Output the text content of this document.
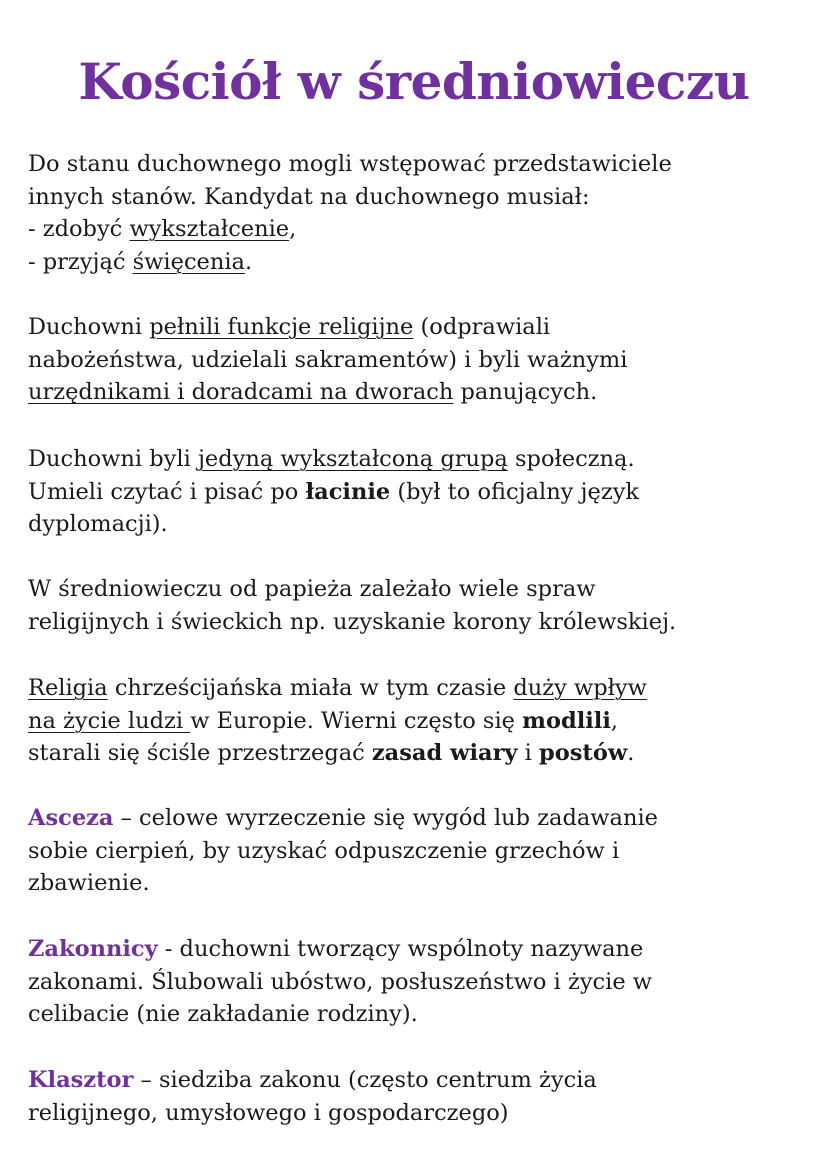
Kościół w średniowieczu

Do stanu duchownego mogli wstępować przedstawiciele
innych stanów. Kandydat na duchownego musiał:
- zdobyć wykształcenie,
- przyjąć święcenia.

Duchowni pełnili funkcje religijne (odprawiali
nabożeństwa, udzielali sakramentów) i byli ważnymi
urzędnikami i doradcami na dworach panujących.

Duchowni byli jedyną wykształconą grupą społeczną.
Umieli czytać i pisać po łacinie (był to oficjalny język
dyplomacji).

W średniowieczu od papieża zależało wiele spraw
religijnych i świeckich np. uzyskanie korony królewskiej.

Religia chrześcijańska miała w tym czasie duży wpływ
na życie ludzi w Europie. Wierni często się modlili,
starali się ściśle przestrzegać zasad wiary i postów.

Asceza – celowe wyrzeczenie się wygód lub zadawanie
sobie cierpień, by uzyskać odpuszczenie grzechów i
zbawienie.

Zakonnicy - duchowni tworzący wspólnoty nazywane
zakonami. Ślubowali ubóstwo, posłuszeństwo i życie w
celibacie (nie zakładanie rodziny).

Klasztor – siedziba zakonu (często centrum życia
religijnego, umysłowego i gospodarczego)
